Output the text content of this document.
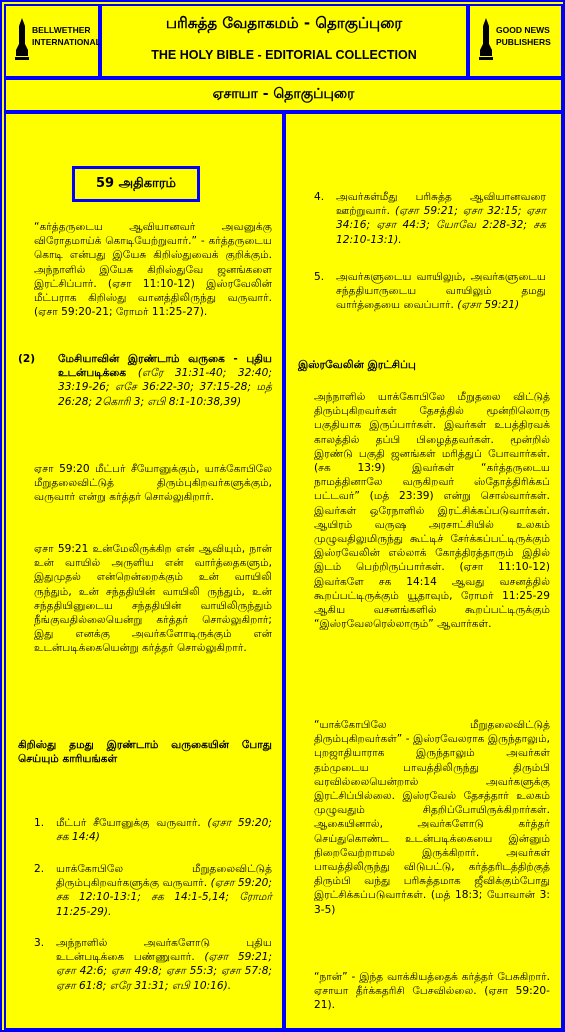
BELLWETHER INTERNATIONAL
பரிசுத்த வேதாகமம் - தொகுப்புரை
THE HOLY BIBLE - EDITORIAL COLLECTION
GOOD NEWS PUBLISHERS
ஏசாயா - தொகுப்புரை
59 அதிகாரம்

“கர்த்தருடைய ஆவியானவர் அவனுக்கு விரோதமாய்க் கொடியேற்றுவார்.” - கர்த்தருடைய கொடி என்பது இயேசு கிறிஸ்துவைக் குறிக்கும். அந்நாளில் இயேசு கிறிஸ்துவே ஜனங்களை இரட்சிப்பார். (ஏசா 11:10-12) இஸ்ரவேலின் மீட்பராக கிறிஸ்து வானத்திலிருந்து வருவார். (ஏசா 59:20-21; ரோமர் 11:25-27).

(2)	மேசியாவின் இரண்டாம் வருகை - புதிய உடன்படிக்கை (எரே 31:31-40; 32:40; 33:19-26; எசே 36:22-30; 37:15-28; மத் 26:28; 2கொரி 3; எபி 8:1-10:38,39)

ஏசா 59:20 மீட்பர் சீயோனுக்கும், யாக்கோபிலே மீறுதலைவிட்டுத் திரும்புகிறவர்களுக்கும், வருவார் என்று கர்த்தர் சொல்லுகிறார்.

ஏசா 59:21 உன்மேலிருக்கிற என் ஆவியும், நான் உன் வாயில் அருளிய என் வார்த்தைகளும், இதுமுதல் என்றென்றைக்கும் உன் வாயிலி ருந்தும், உன் சந்ததியின் வாயிலி ருந்தும், உன் சந்ததியினுடைய சந்ததியின் வாயிலிருந்தும் நீங்குவதில்லையென்று கர்த்தர் சொல்லுகிறார்; இது எனக்கு அவர்களோடிருக்கும் என் உடன்படிக்கையென்று கர்த்தர் சொல்லுகிறார்.

கிறிஸ்து தமது இரண்டாம் வருகையின் போது செய்யும் காரியங்கள்

1.	மீட்பர் சீயோனுக்கு வருவார். (ஏசா 59:20; சக 14:4)
2.	யாக்கோபிலே மீறுதலைவிட்டுத் திரும்புகிறவர்களுக்கு வருவார். (ஏசா 59:20; சக 12:10-13:1; சக 14:1-5,14; ரோமர் 11:25-29).
3.	அந்நாளில் அவர்களோடு புதிய உடன்படிக்கை பண்ணுவார். (ஏசா 59:21; ஏசா 42:6; ஏசா 49:8; ஏசா 55:3; ஏசா 57:8; ஏசா 61:8; எரே 31:31; எபி 10:16).
4.	அவர்கள்மீது பரிசுத்த ஆவியானவரை ஊற்றுவார். (ஏசா 59:21; ஏசா 32:15; ஏசா 34:16; ஏசா 44:3; யோவே 2:28-32; சக 12:10-13:1).
5.	அவர்களுடைய வாயிலும், அவர்களுடைய சந்ததியாருடைய வாயிலும் தமது வார்த்தையை வைப்பார். (ஏசா 59:21)

இஸ்ரவேலின் இரட்சிப்பு

அந்நாளில் யாக்கோபிலே மீறுதலை விட்டுத் திரும்புகிறவர்கள் தேசத்தில் மூன்றிலொரு பகுதியாக இருப்பார்கள். இவர்கள் உபத்திரவக் காலத்தில் தப்பி பிழைத்தவர்கள். மூன்றில் இரண்டு பகுதி ஜனங்கள் மரித்துப் போவார்கள். (சக 13:9) இவர்கள் “கர்த்தருடைய நாமத்தினாலே வருகிறவர் ஸ்தோத்திரிக்கப் பட்டவர்” (மத் 23:39) என்று சொல்வார்கள். இவர்கள் ஒரேநாளில் இரட்சிக்கப்படுவார்கள். ஆயிரம் வருஷ அரசாட்சியில் உலகம் முழுவதிலுமிருந்து கூட்டிச் சேர்க்கப்பட்டிருக்கும் இஸ்ரவேலின் எல்லாக் கோத்திரத்தாரும் இதில் இடம் பெற்றிருப்பார்கள். (ஏசா 11:10-12) இவர்களே சக 14:14 ஆவது வசனத்தில் கூறப்பட்டிருக்கும் யூதாவும், ரோமர் 11:25-29 ஆகிய வசனங்களில் கூறப்பட்டிருக்கும் “இஸ்ரவேலரெல்லாரும்” ஆவார்கள்.

“யாக்கோபிலே மீறுதலைவிட்டுத் திரும்புகிறவர்கள்” - இஸ்ரவேலராக இருந்தாலும், புறஜாதியாராக இருந்தாலும் அவர்கள் தம்முடைய பாவத்திலிருந்து திரும்பி வரவில்லையென்றால் அவர்களுக்கு இரட்சிப்பில்லை. இஸ்ரவேல் தேசத்தார் உலகம் முழுவதும் சிதறிப்போயிருக்கிறார்கள். ஆகையினால், அவர்களோடு கர்த்தர் செய்துகொண்ட உடன்படிக்கையை இன்னும் நிறைவேற்றாமல் இருக்கிறார். அவர்கள் பாவத்திலிருந்து விடுபட்டு, கர்த்தரிடத்திற்குத் திரும்பி வந்து பரிசுத்தமாக ஜீவிக்கும்போது இரட்சிக்கப்படுவார்கள். (மத் 18:3; யோவான் 3: 3-5)

“நான்” - இந்த வாக்கியத்தைக் கர்த்தர் பேசுகிறார். ஏசாயா தீர்க்கதரிசி பேசவில்லை. (ஏசா 59:20-21).
